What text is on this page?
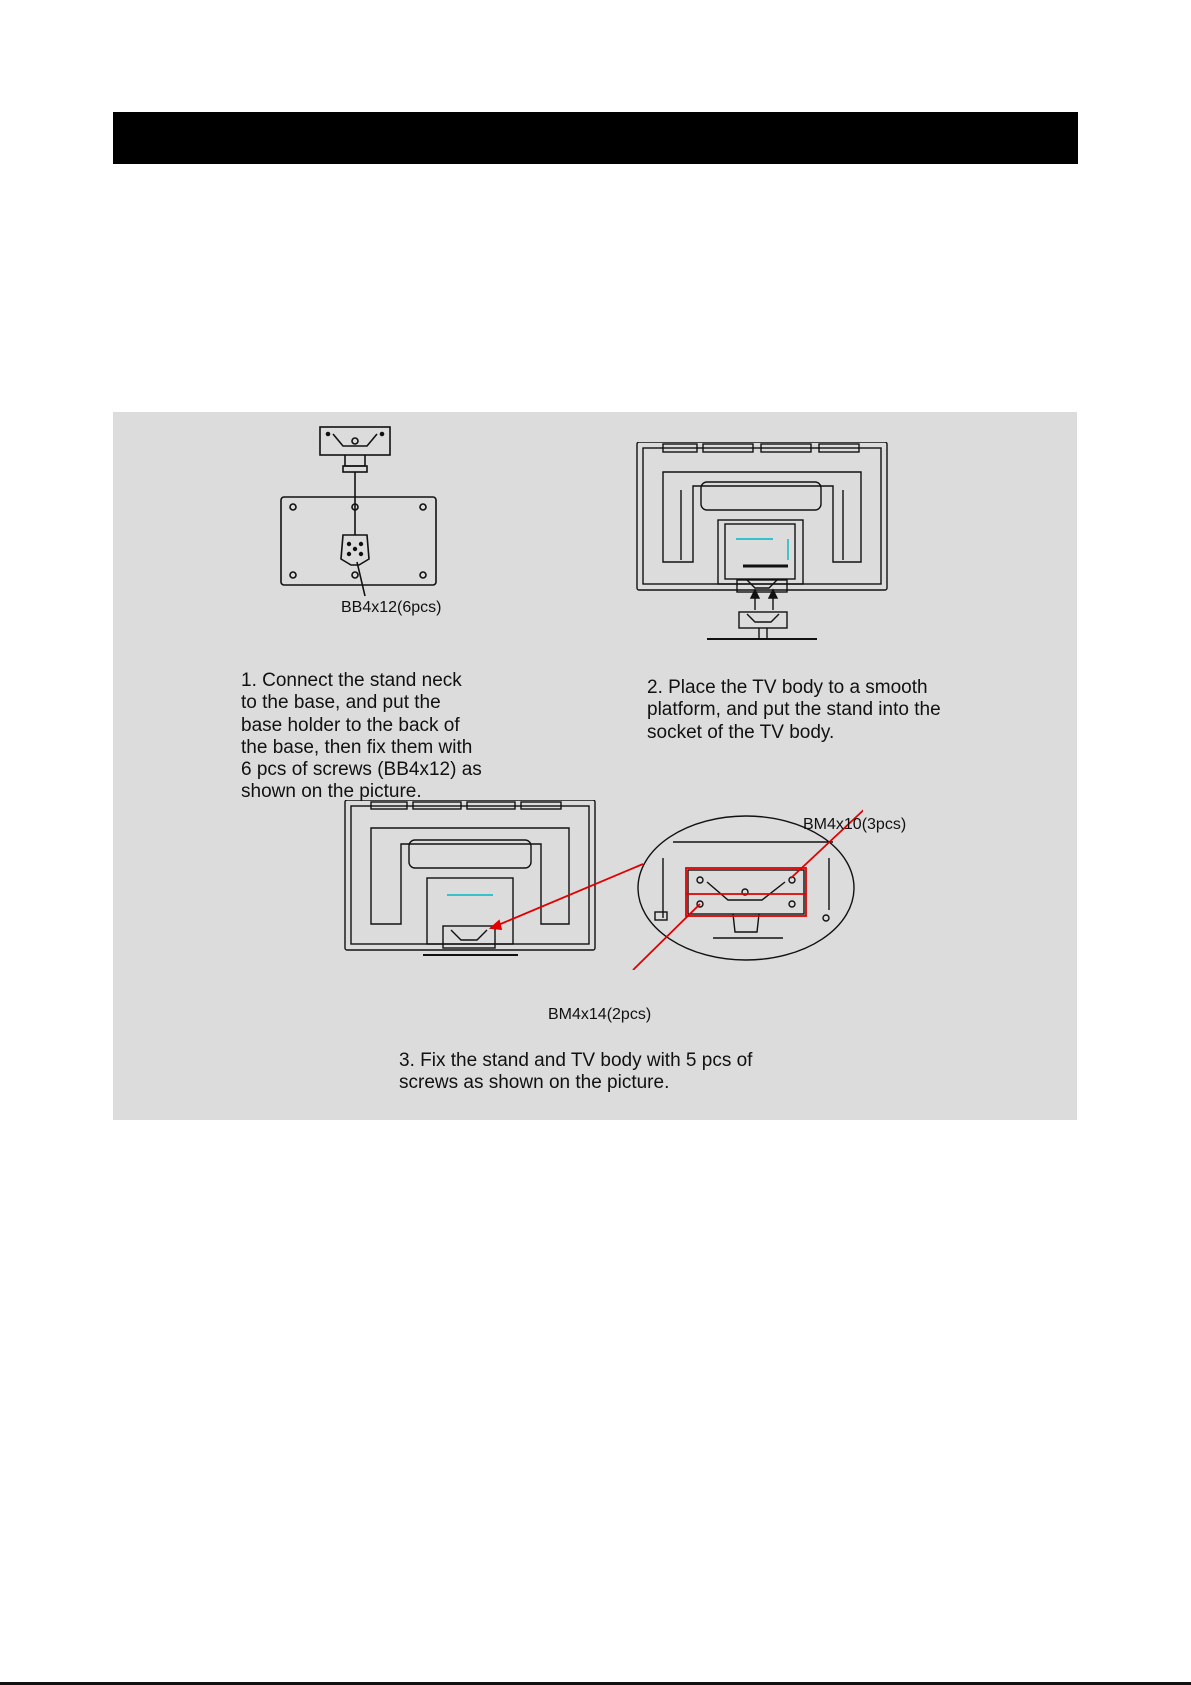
BB4x12(6pcs)
1. Connect the stand neck
to the base, and put the
base holder to the back of
the base, then fix them with
6 pcs of screws (BB4x12) as
shown on the picture.
2. Place the TV body to a smooth
platform, and put the stand into the
socket of the TV body.
BM4x10(3pcs)
BM4x14(2pcs)
3. Fix the stand and TV body with 5 pcs of
screws as shown on the picture.
